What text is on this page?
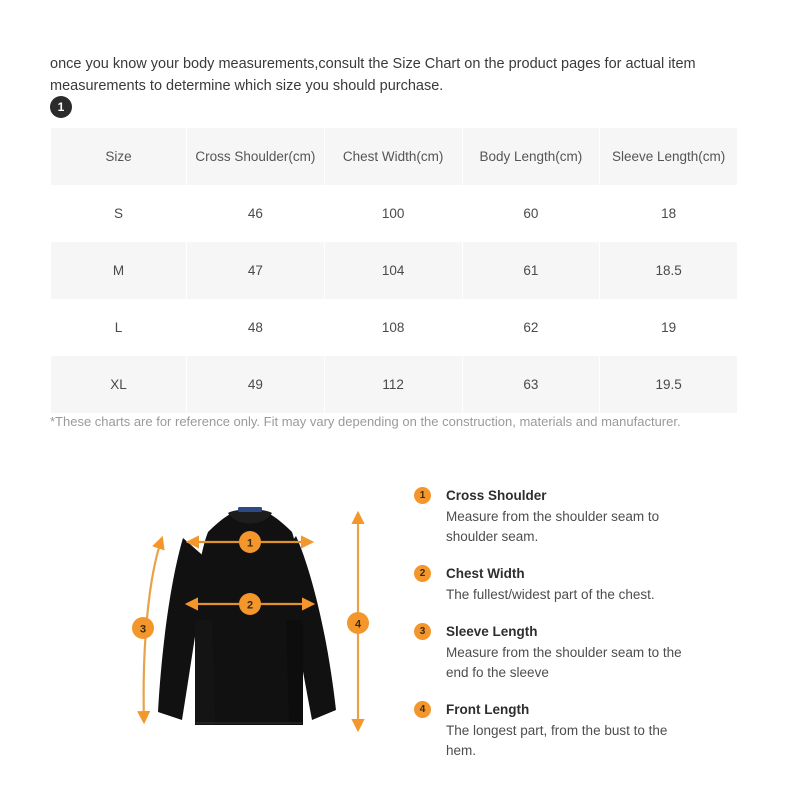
once you know your body measurements,consult the Size Chart on the product pages for actual item measurements to determine which size you should purchase.
1
Size	Cross Shoulder(cm)	Chest Width(cm)	Body Length(cm)	Sleeve Length(cm)
S	46	100	60	18
M	47	104	61	18.5
L	48	108	62	19
XL	49	112	63	19.5
*These charts are for reference only. Fit may vary depending on the construction, materials and manufacturer.
1
2
3	4
1	Cross Shoulder
Measure from the shoulder seam to shoulder seam.
2	Chest Width
The fullest/widest part of the chest.
3	Sleeve Length
Measure from the shoulder seam to the end fo the sleeve
4	Front Length
The longest part, from the bust to the hem.
